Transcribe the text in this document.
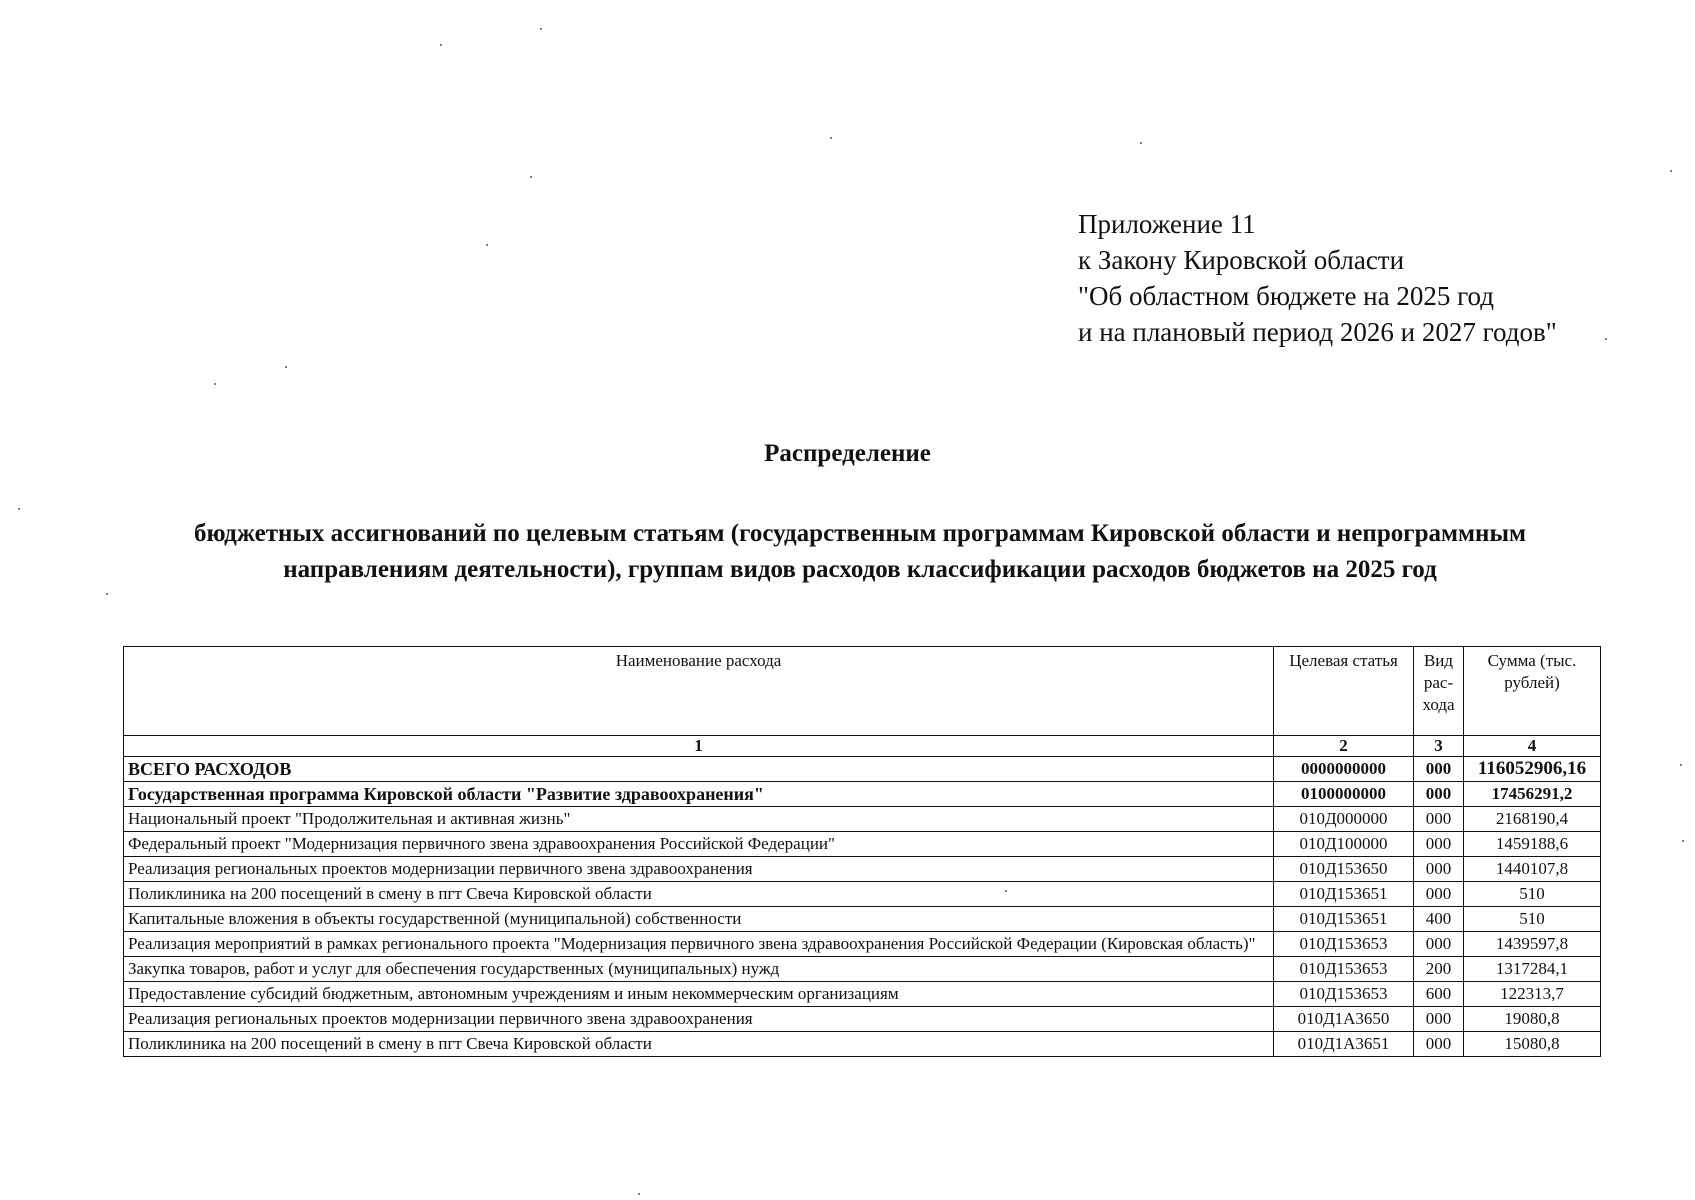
Приложение 11
к Закону Кировской области
"Об областном бюджете на 2025 год
и на плановый период 2026 и 2027 годов"
Распределение
бюджетных ассигнований по целевым статьям (государственным программам Кировской области и непрограммным
направлениям деятельности), группам видов расходов классификации расходов бюджетов на 2025 год
Наименование расхода	Целевая статья	Вид рас-хода	Сумма (тыс. рублей)
1	2	3	4
ВСЕГО РАСХОДОВ	0000000000	000	116052906,16
Государственная программа Кировской области "Развитие здравоохранения"	0100000000	000	17456291,2
Национальный проект "Продолжительная и активная жизнь"	010Д000000	000	2168190,4
Федеральный проект "Модернизация первичного звена здравоохранения Российской Федерации"	010Д100000	000	1459188,6
Реализация региональных проектов модернизации первичного звена здравоохранения	010Д153650	000	1440107,8
Поликлиника на 200 посещений в смену в пгт Свеча Кировской области	010Д153651	000	510
Капитальные вложения в объекты государственной (муниципальной) собственности	010Д153651	400	510
Реализация мероприятий в рамках регионального проекта "Модернизация первичного звена здравоохранения Российской Федерации (Кировская область)"	010Д153653	000	1439597,8
Закупка товаров, работ и услуг для обеспечения государственных (муниципальных) нужд	010Д153653	200	1317284,1
Предоставление субсидий бюджетным, автономным учреждениям и иным некоммерческим организациям	010Д153653	600	122313,7
Реализация региональных проектов модернизации первичного звена здравоохранения	010Д1А3650	000	19080,8
Поликлиника на 200 посещений в смену в пгт Свеча Кировской области	010Д1А3651	000	15080,8
